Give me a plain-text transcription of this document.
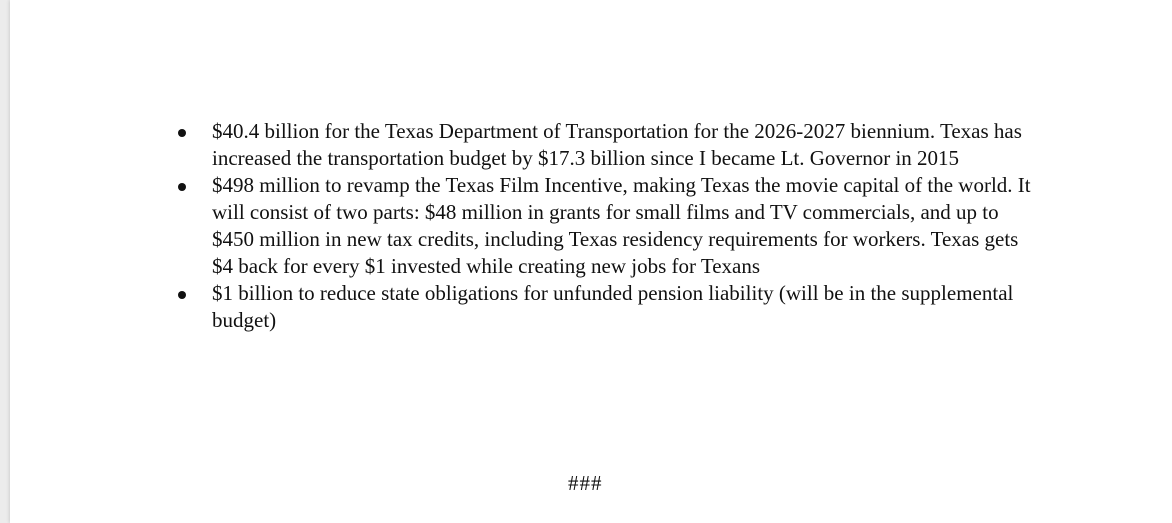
$40.4 billion for the Texas Department of Transportation for the 2026-2027 biennium. Texas has increased the transportation budget by $17.3 billion since I became Lt. Governor in 2015
$498 million to revamp the Texas Film Incentive, making Texas the movie capital of the world. It will consist of two parts: $48 million in grants for small films and TV commercials, and up to $450 million in new tax credits, including Texas residency requirements for workers. Texas gets $4 back for every $1 invested while creating new jobs for Texans
$1 billion to reduce state obligations for unfunded pension liability (will be in the supplemental budget)
###
